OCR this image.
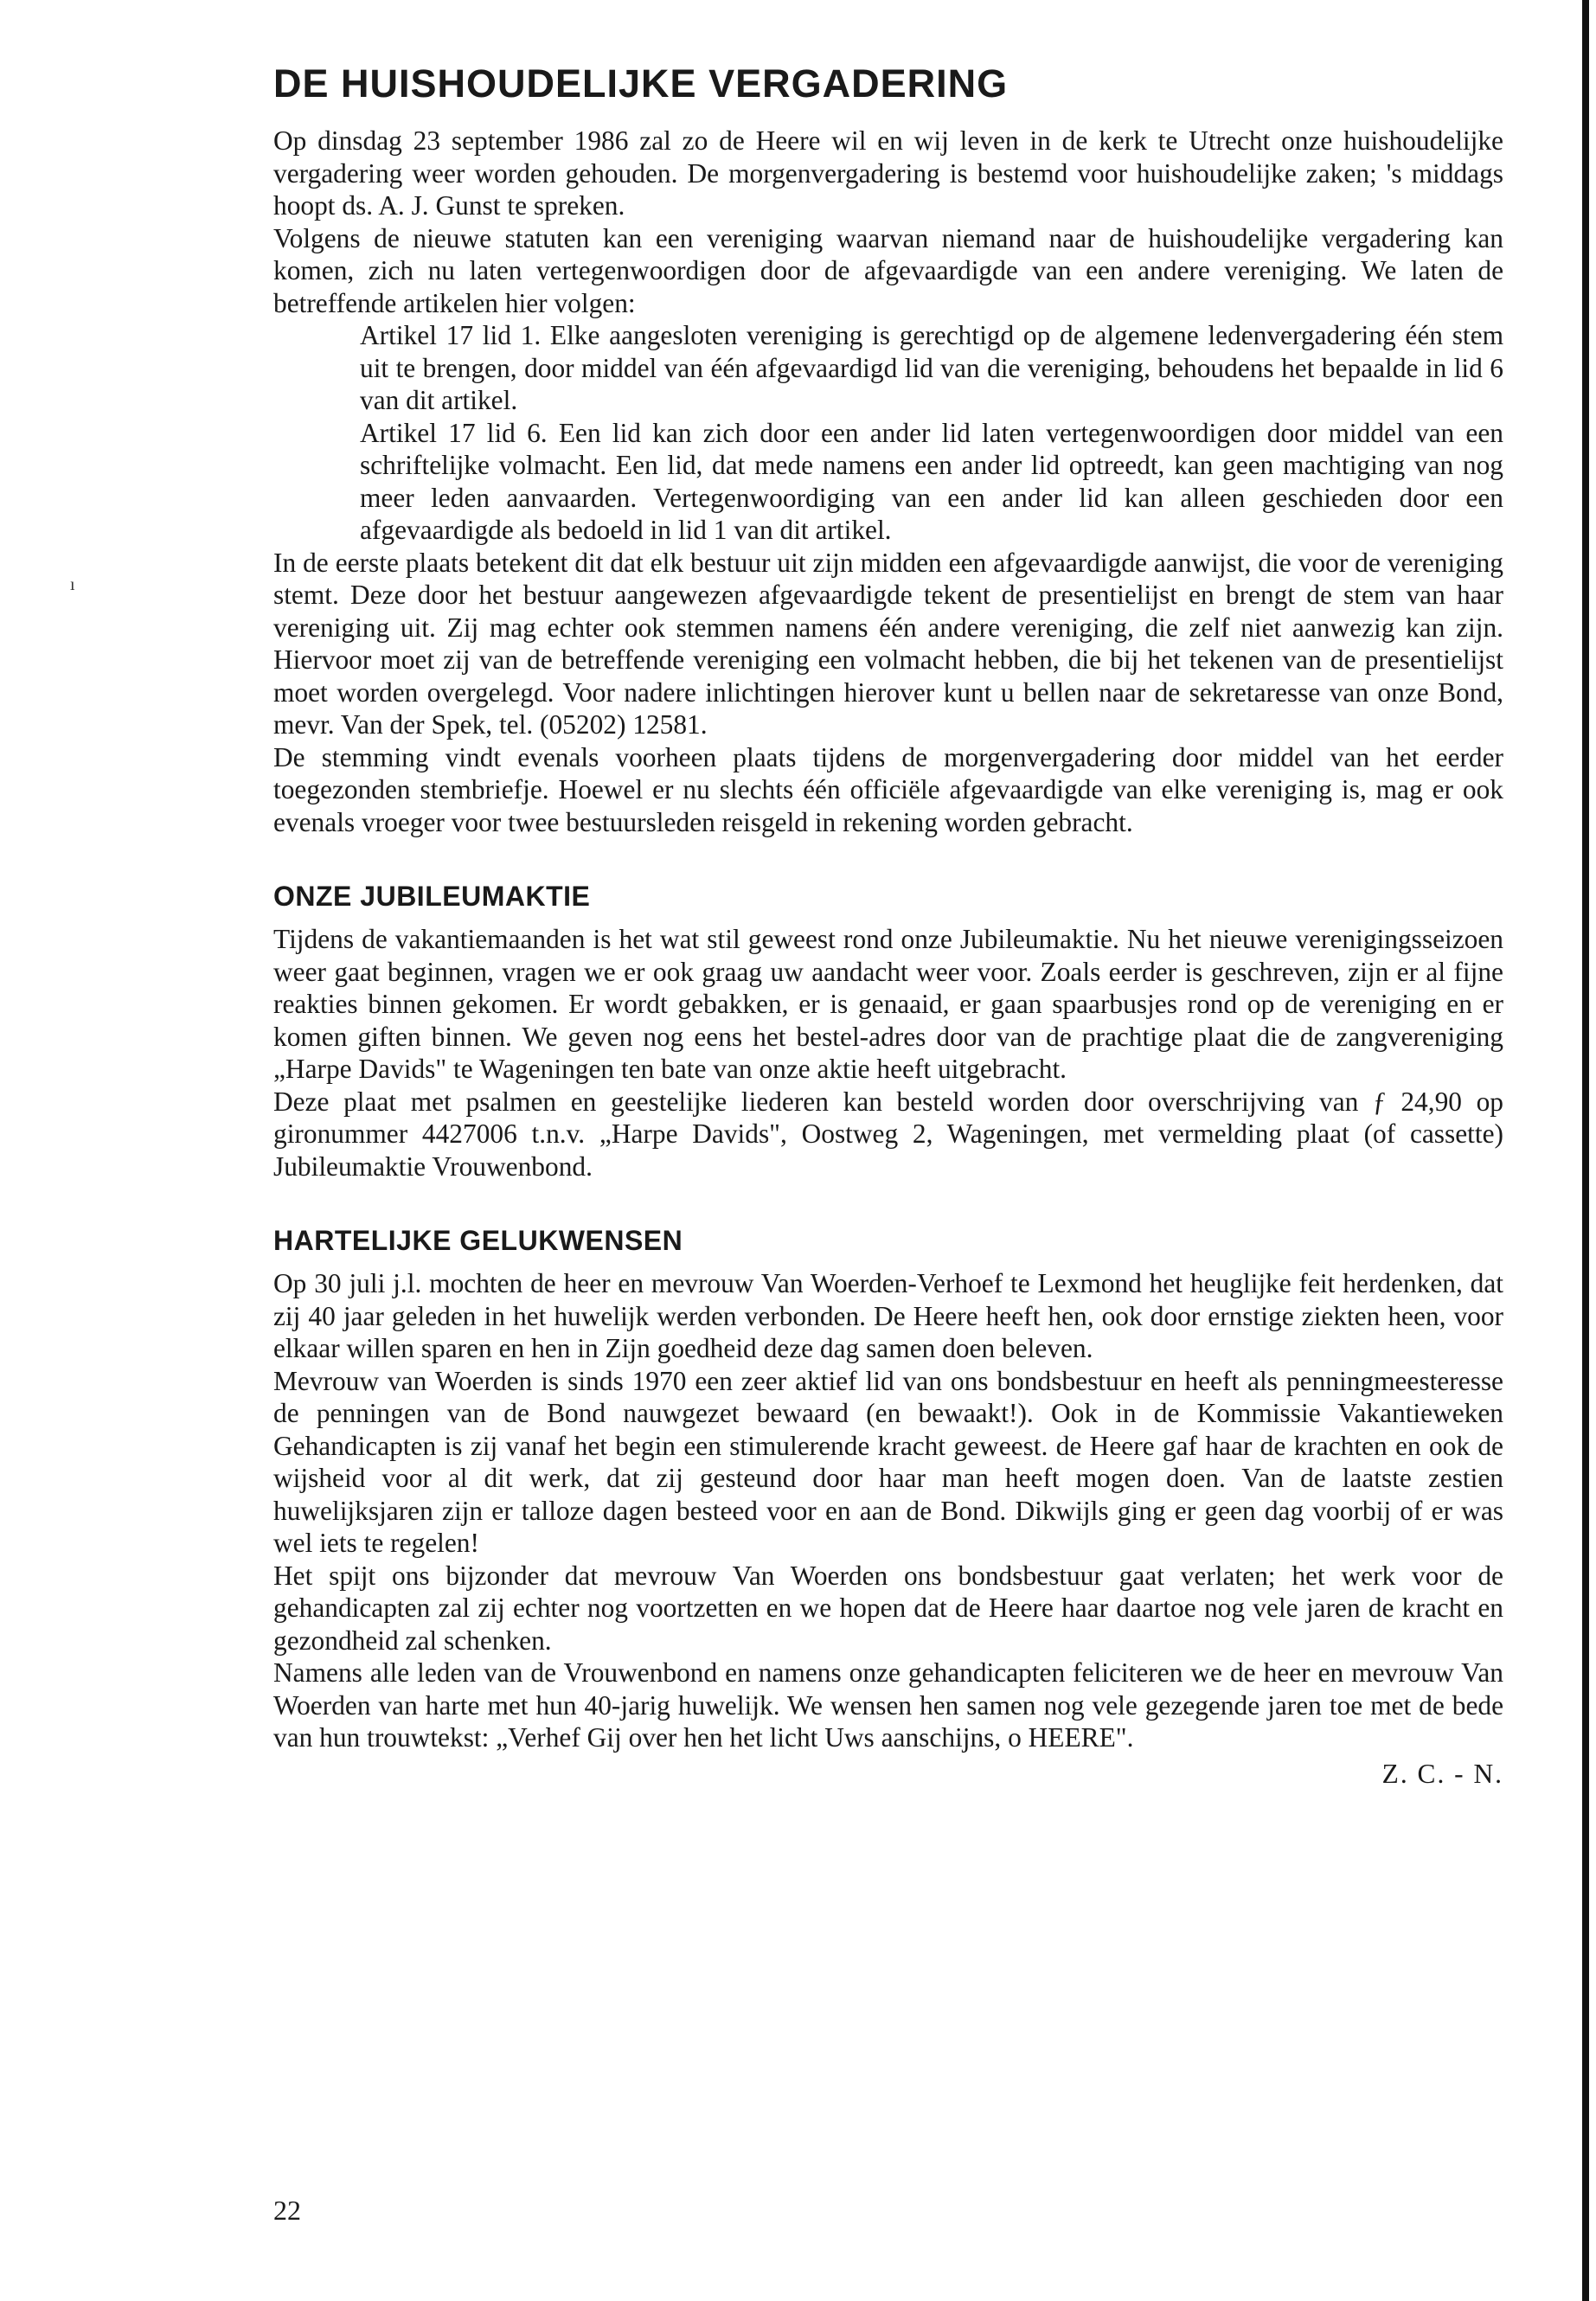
ı
DE HUISHOUDELIJKE VERGADERING

Op dinsdag 23 september 1986 zal zo de Heere wil en wij leven in de kerk te Utrecht onze huishoudelijke vergadering weer worden gehouden. De morgenvergadering is bestemd voor huishoudelijke zaken; 's middags hoopt ds. A. J. Gunst te spreken.

Volgens de nieuwe statuten kan een vereniging waarvan niemand naar de huishoudelijke vergadering kan komen, zich nu laten vertegenwoordigen door de afgevaardigde van een andere vereniging. We laten de betreffende artikelen hier volgen:

Artikel 17 lid 1. Elke aangesloten vereniging is gerechtigd op de algemene ledenvergadering één stem uit te brengen, door middel van één afgevaardigd lid van die vereniging, behoudens het bepaalde in lid 6 van dit artikel.

Artikel 17 lid 6. Een lid kan zich door een ander lid laten vertegenwoordigen door middel van een schriftelijke volmacht. Een lid, dat mede namens een ander lid optreedt, kan geen machtiging van nog meer leden aanvaarden. Vertegenwoordiging van een ander lid kan alleen geschieden door een afgevaardigde als bedoeld in lid 1 van dit artikel.

In de eerste plaats betekent dit dat elk bestuur uit zijn midden een afgevaardigde aanwijst, die voor de vereniging stemt. Deze door het bestuur aangewezen afgevaardigde tekent de presentielijst en brengt de stem van haar vereniging uit. Zij mag echter ook stemmen namens één andere vereniging, die zelf niet aanwezig kan zijn. Hiervoor moet zij van de betreffende vereniging een volmacht hebben, die bij het tekenen van de presentielijst moet worden overgelegd. Voor nadere inlichtingen hierover kunt u bellen naar de sekretaresse van onze Bond, mevr. Van der Spek, tel. (05202) 12581.

De stemming vindt evenals voorheen plaats tijdens de morgenvergadering door middel van het eerder toegezonden stembriefje. Hoewel er nu slechts één officiële afgevaardigde van elke vereniging is, mag er ook evenals vroeger voor twee bestuursleden reisgeld in rekening worden gebracht.

ONZE JUBILEUMAKTIE

Tijdens de vakantiemaanden is het wat stil geweest rond onze Jubileumaktie. Nu het nieuwe verenigingsseizoen weer gaat beginnen, vragen we er ook graag uw aandacht weer voor. Zoals eerder is geschreven, zijn er al fijne reakties binnen gekomen. Er wordt gebakken, er is genaaid, er gaan spaarbusjes rond op de vereniging en er komen giften binnen. We geven nog eens het bestel-adres door van de prachtige plaat die de zangvereniging „Harpe Davids" te Wageningen ten bate van onze aktie heeft uitgebracht.

Deze plaat met psalmen en geestelijke liederen kan besteld worden door overschrijving van ƒ 24,90 op gironummer 4427006 t.n.v. „Harpe Davids", Oostweg 2, Wageningen, met vermelding plaat (of cassette) Jubileumaktie Vrouwenbond.

HARTELIJKE GELUKWENSEN

Op 30 juli j.l. mochten de heer en mevrouw Van Woerden-Verhoef te Lexmond het heuglijke feit herdenken, dat zij 40 jaar geleden in het huwelijk werden verbonden. De Heere heeft hen, ook door ernstige ziekten heen, voor elkaar willen sparen en hen in Zijn goedheid deze dag samen doen beleven.

Mevrouw van Woerden is sinds 1970 een zeer aktief lid van ons bondsbestuur en heeft als penningmeesteresse de penningen van de Bond nauwgezet bewaard (en bewaakt!). Ook in de Kommissie Vakantieweken Gehandicapten is zij vanaf het begin een stimulerende kracht geweest. de Heere gaf haar de krachten en ook de wijsheid voor al dit werk, dat zij gesteund door haar man heeft mogen doen. Van de laatste zestien huwelijksjaren zijn er talloze dagen besteed voor en aan de Bond. Dikwijls ging er geen dag voorbij of er was wel iets te regelen!

Het spijt ons bijzonder dat mevrouw Van Woerden ons bondsbestuur gaat verlaten; het werk voor de gehandicapten zal zij echter nog voortzetten en we hopen dat de Heere haar daartoe nog vele jaren de kracht en gezondheid zal schenken.

Namens alle leden van de Vrouwenbond en namens onze gehandicapten feliciteren we de heer en mevrouw Van Woerden van harte met hun 40-jarig huwelijk. We wensen hen samen nog vele gezegende jaren toe met de bede van hun trouwtekst: „Verhef Gij over hen het licht Uws aanschijns, o HEERE".

Z. C. - N.
22
